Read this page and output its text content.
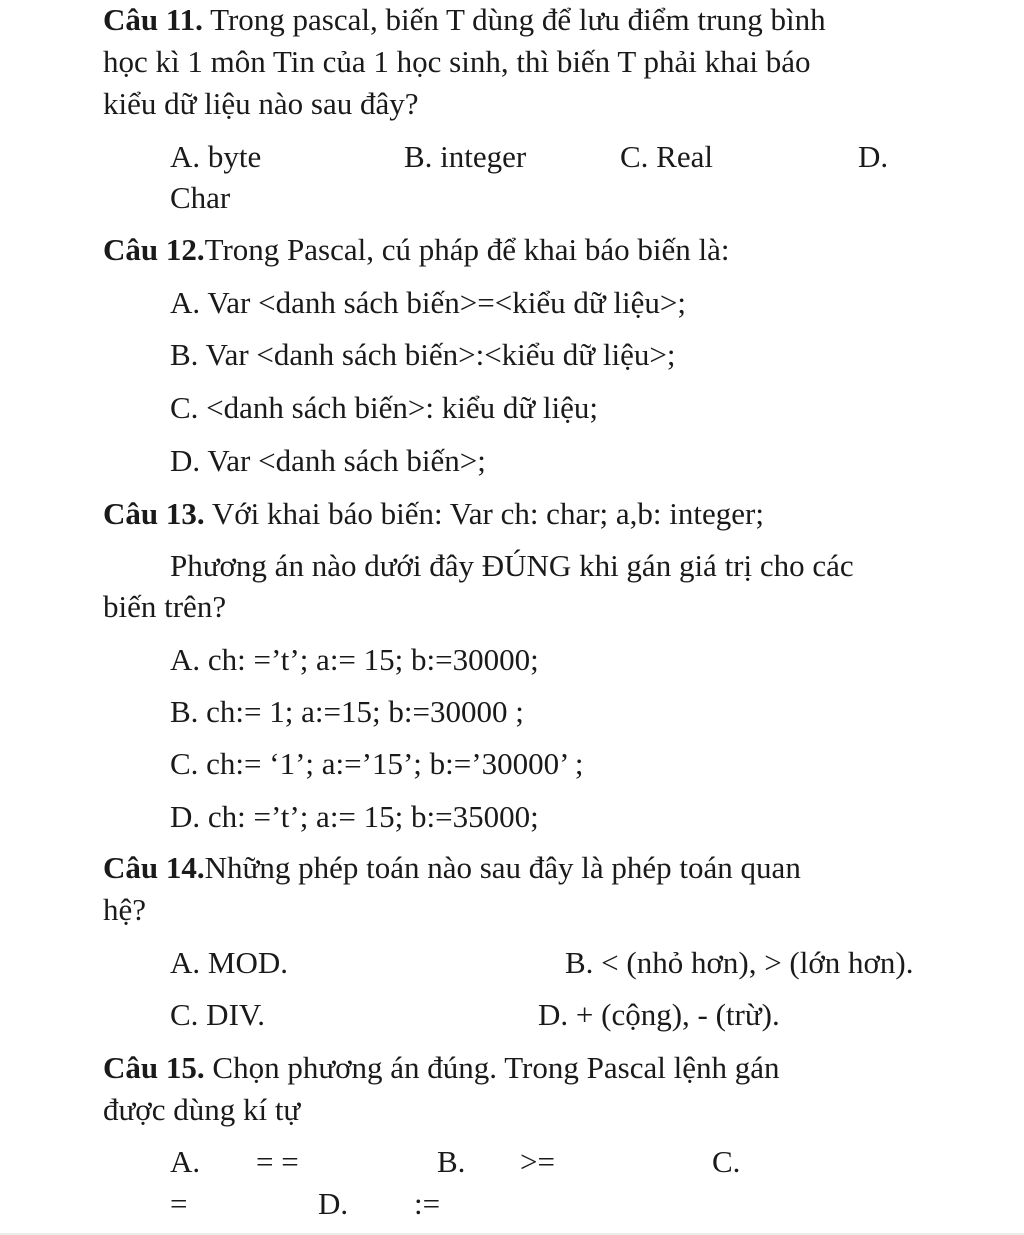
Câu 11. Trong pascal, biến T dùng để lưu điểm trung bình
học kì 1 môn Tin của 1 học sinh, thì biến T phải khai báo
kiểu dữ liệu nào sau đây?
A. byte	B. integer	C. Real	D.
Char
Câu 12.Trong Pascal, cú pháp để khai báo biến là:
A. Var <danh sách biến>=<kiểu dữ liệu>;
B. Var <danh sách biến>:<kiểu dữ liệu>;
C. <danh sách biến>: kiểu dữ liệu;
D. Var <danh sách biến>;
Câu 13. Với khai báo biến: Var ch: char; a,b: integer;
Phương án nào dưới đây ĐÚNG khi gán giá trị cho các
biến trên?
A. ch: =’t’; a:= 15; b:=30000;
B. ch:= 1; a:=15; b:=30000 ;
C. ch:= ‘1’; a:=’15’; b:=’30000’ ;
D. ch: =’t’; a:= 15; b:=35000;
Câu 14.Những phép toán nào sau đây là phép toán quan
hệ?
A. MOD.	B. < (nhỏ hơn), > (lớn hơn).
C. DIV.	D. + (cộng), - (trừ).
Câu 15. Chọn phương án đúng. Trong Pascal lệnh gán
được dùng kí tự
A. = =	B. >=	C.
=	D. :=
